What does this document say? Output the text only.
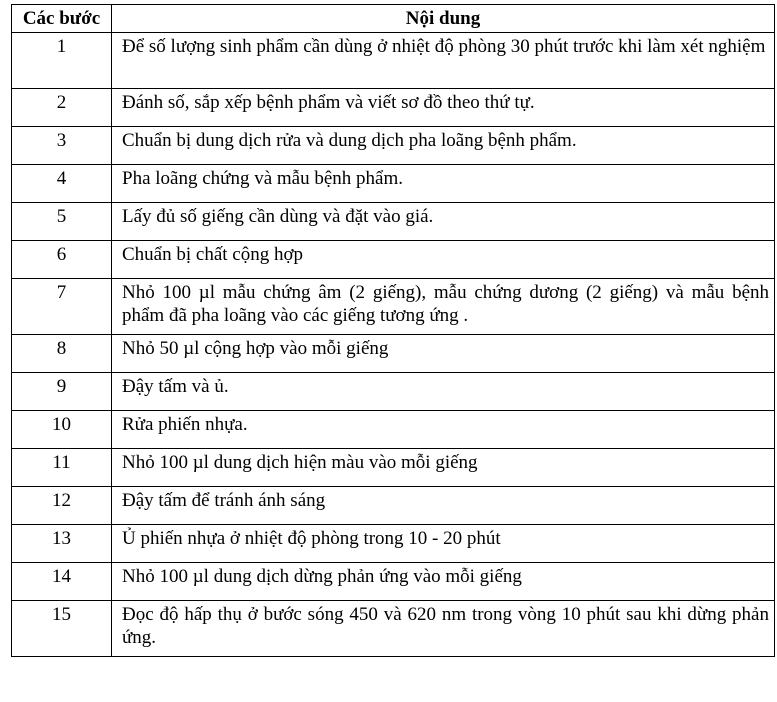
Các bước	Nội dung
1	Để số lượng sinh phẩm cần dùng ở nhiệt độ phòng 30 phút trước khi làm xét nghiệm
2	Đánh số, sắp xếp bệnh phẩm và viết sơ đồ theo thứ tự.
3	Chuẩn bị dung dịch rửa và dung dịch pha loãng bệnh phẩm.
4	Pha loãng chứng và mẫu bệnh phẩm.
5	Lấy đủ số giếng cần dùng và đặt vào giá.
6	Chuẩn bị chất cộng hợp
7	Nhỏ 100 µl mẫu chứng âm (2 giếng), mẫu chứng dương (2 giếng) và mẫu bệnh phẩm đã pha loãng vào các giếng tương ứng .
8	Nhỏ 50 µl cộng hợp vào mỗi giếng
9	Đậy tấm và ủ.
10	Rửa phiến nhựa.
11	Nhỏ 100 µl dung dịch hiện màu vào mỗi giếng
12	Đậy tấm để tránh ánh sáng
13	Ủ phiến nhựa ở nhiệt độ phòng trong 10 - 20 phút
14	Nhỏ 100 µl dung dịch dừng phản ứng vào mỗi giếng
15	Đọc độ hấp thụ ở bước sóng 450 và 620 nm trong vòng 10 phút sau khi dừng phản ứng.
